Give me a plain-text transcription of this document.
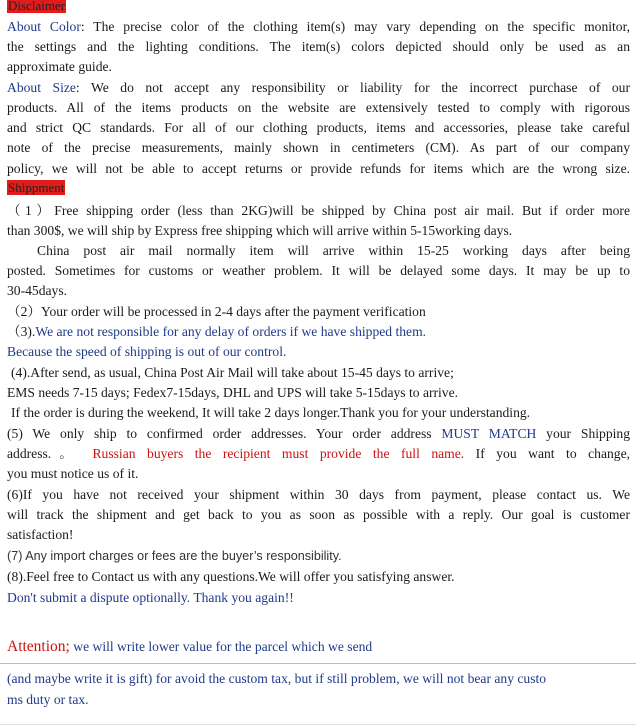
Disclaimer
About Color: The precise color of the clothing item(s) may vary depending on the specific monitor,
the settings and the lighting conditions. The item(s) colors depicted should only be used as an
approximate guide.
About Size: We do not accept any responsibility or liability for the incorrect purchase of our
products. All of the items products on the website are extensively tested to comply with rigorous
and strict QC standards. For all of our clothing products, items and accessories, please take careful
note of the precise measurements, mainly shown in centimeters (CM). As part of our company
policy, we will not be able to accept returns or provide refunds for items which are the wrong size.
Shippment
（1）Free shipping order (less than 2KG)will be shipped by China post air mail. But if order more
than 300$, we will ship by Express free shipping which will arrive within 5-15working days.
China post air mail normally item will arrive within 15-25 working days after being
posted. Sometimes for customs or weather problem. It will be delayed some days. It may be up to
30-45days.
（2）Your order will be processed in 2-4 days after the payment verification
（3).We are not responsible for any delay of orders if we have shipped them.
Because the speed of shipping is out of our control.
(4).After send, as usual, China Post Air Mail will take about 15-45 days to arrive;
EMS needs 7-15 days; Fedex7-15days, DHL and UPS will take 5-15days to arrive.
If the order is during the weekend, It will take 2 days longer.Thank you for your understanding.
(5) We only ship to confirmed order addresses. Your order address MUST MATCH your Shipping
address.。 Russian buyers the recipient must provide the full name. If you want to change,
you must notice us of it.
(6)If you have not received your shipment within 30 days from payment, please contact us. We
will track the shipment and get back to you as soon as possible with a reply. Our goal is customer
satisfaction!
(7) Any import charges or fees are the buyer’s responsibility.
(8).Feel free to Contact us with any questions.We will offer you satisfying answer.
Don't submit a dispute optionally. Thank you again!!
Attention; we will write lower value for the parcel which we send
(and maybe write it is gift) for avoid the custom tax, but if still problem, we will not bear any custo
ms duty or tax.
